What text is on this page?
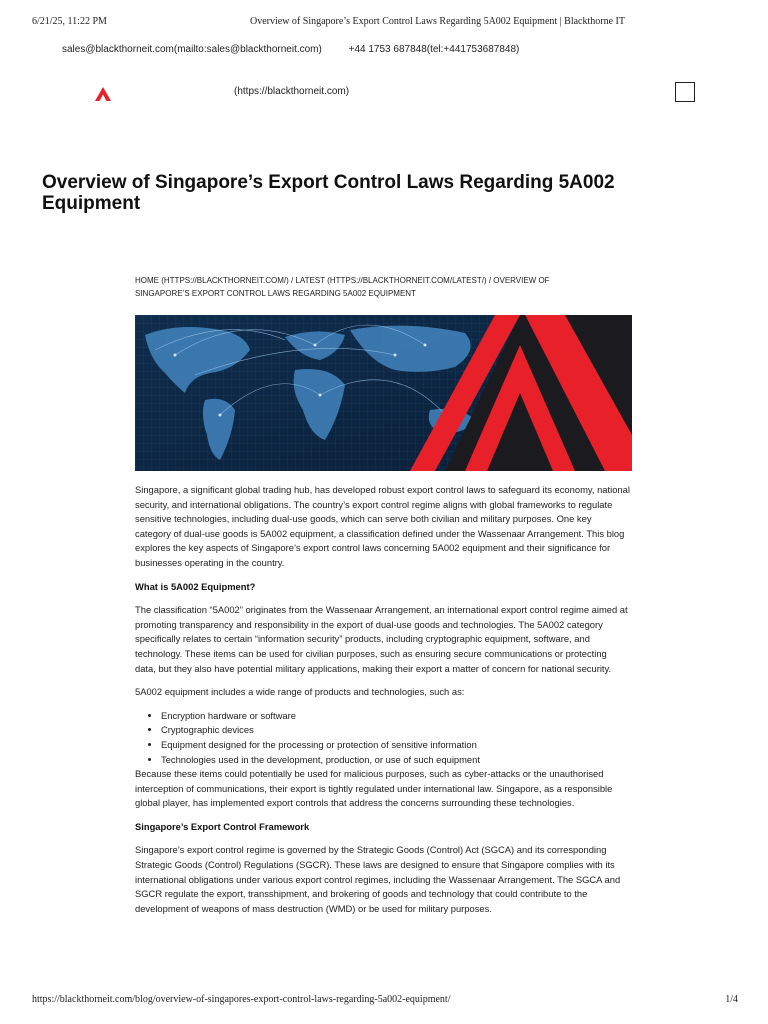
6/21/25, 11:22 PM	Overview of Singapore’s Export Control Laws Regarding 5A002 Equipment | Blackthorne IT
sales@blackthorneit.com(mailto:sales@blackthorneit.com)	+44 1753 687848(tel:+441753687848)
(https://blackthorneit.com)
Overview of Singapore’s Export Control Laws Regarding 5A002 Equipment
HOME (HTTPS://BLACKTHORNEIT.COM/) / LATEST (HTTPS://BLACKTHORNEIT.COM/LATEST/) / OVERVIEW OF SINGAPORE’S EXPORT CONTROL LAWS REGARDING 5A002 EQUIPMENT

Singapore, a significant global trading hub, has developed robust export control laws to safeguard its economy, national security, and international obligations. The country’s export control regime aligns with global frameworks to regulate sensitive technologies, including dual-use goods, which can serve both civilian and military purposes. One key category of dual-use goods is 5A002 equipment, a classification defined under the Wassenaar Arrangement. This blog explores the key aspects of Singapore’s export control laws concerning 5A002 equipment and their significance for businesses operating in the country.

What is 5A002 Equipment?

The classification “5A002” originates from the Wassenaar Arrangement, an international export control regime aimed at promoting transparency and responsibility in the export of dual-use goods and technologies. The 5A002 category specifically relates to certain “information security” products, including cryptographic equipment, software, and technology. These items can be used for civilian purposes, such as ensuring secure communications or protecting data, but they also have potential military applications, making their export a matter of concern for national security.

5A002 equipment includes a wide range of products and technologies, such as:

• Encryption hardware or software
• Cryptographic devices
• Equipment designed for the processing or protection of sensitive information
• Technologies used in the development, production, or use of such equipment

Because these items could potentially be used for malicious purposes, such as cyber-attacks or the unauthorised interception of communications, their export is tightly regulated under international law. Singapore, as a responsible global player, has implemented export controls that address the concerns surrounding these technologies.

Singapore’s Export Control Framework

Singapore’s export control regime is governed by the Strategic Goods (Control) Act (SGCA) and its corresponding Strategic Goods (Control) Regulations (SGCR). These laws are designed to ensure that Singapore complies with its international obligations under various export control regimes, including the Wassenaar Arrangement. The SGCA and SGCR regulate the export, transshipment, and brokering of goods and technology that could contribute to the development of weapons of mass destruction (WMD) or be used for military purposes.

https://blackthorneit.com/blog/overview-of-singapores-export-control-laws-regarding-5a002-equipment/	1/4
